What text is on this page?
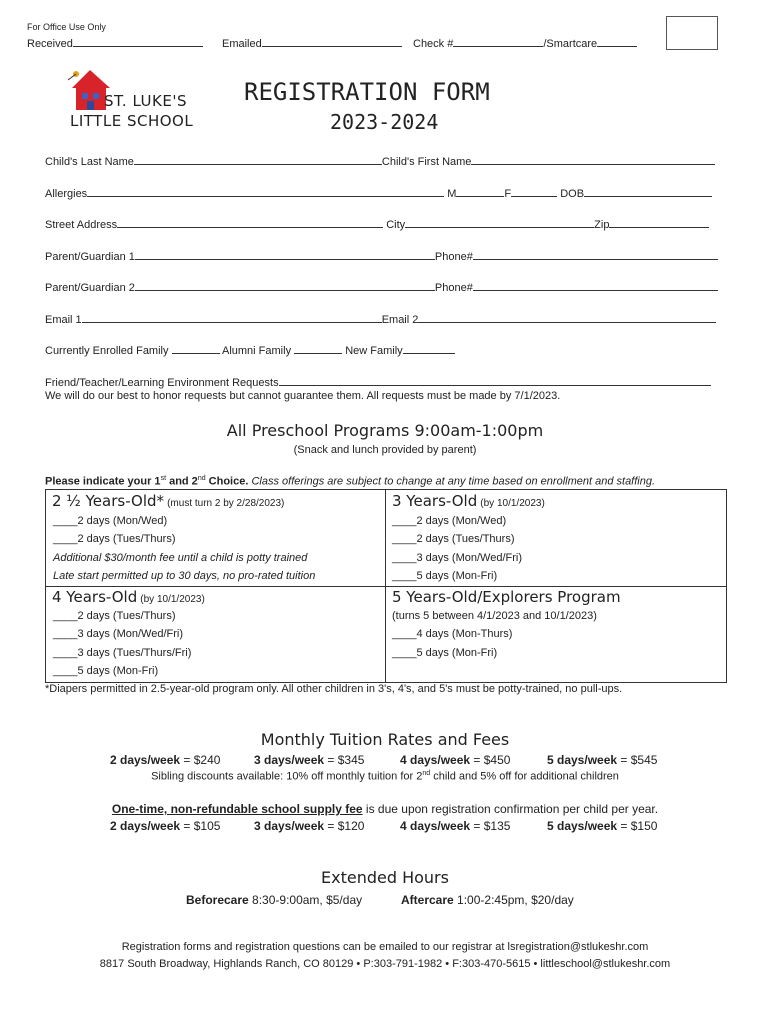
For Office Use Only
Received	Emailed	Check #	/Smartcare
ST. LUKE'S
LITTLE SCHOOL
REGISTRATION FORM
2023-2024
Child's Last Name	Child's First Name
Allergies	M	F	DOB
Street Address	City	Zip
Parent/Guardian 1	Phone#
Parent/Guardian 2	Phone#
Email 1	Email 2
Currently Enrolled Family	Alumni Family	New Family
Friend/Teacher/Learning Environment Requests
We will do our best to honor requests but cannot guarantee them. All requests must be made by 7/1/2023.
All Preschool Programs 9:00am-1:00pm
(Snack and lunch provided by parent)
Please indicate your 1st and 2nd Choice. Class offerings are subject to change at any time based on enrollment and staffing.
2 ½ Years-Old* (must turn 2 by 2/28/2023)
____2 days (Mon/Wed)
____2 days (Tues/Thurs)
Additional $30/month fee until a child is potty trained
Late start permitted up to 30 days, no pro-rated tuition
3 Years-Old (by 10/1/2023)
____2 days (Mon/Wed)
____2 days (Tues/Thurs)
____3 days (Mon/Wed/Fri)
____5 days (Mon-Fri)
4 Years-Old (by 10/1/2023)
____2 days (Tues/Thurs)
____3 days (Mon/Wed/Fri)
____3 days (Tues/Thurs/Fri)
____5 days (Mon-Fri)
5 Years-Old/Explorers Program
(turns 5 between 4/1/2023 and 10/1/2023)
____4 days (Mon-Thurs)
____5 days (Mon-Fri)
*Diapers permitted in 2.5-year-old program only. All other children in 3's, 4's, and 5's must be potty-trained, no pull-ups.
Monthly Tuition Rates and Fees
2 days/week = $240	3 days/week = $345	4 days/week = $450	5 days/week = $545
Sibling discounts available: 10% off monthly tuition for 2nd child and 5% off for additional children
One-time, non-refundable school supply fee is due upon registration confirmation per child per year.
2 days/week = $105	3 days/week = $120	4 days/week = $135	5 days/week = $150
Extended Hours
Beforecare 8:30-9:00am, $5/day	Aftercare 1:00-2:45pm, $20/day
Registration forms and registration questions can be emailed to our registrar at lsregistration@stlukeshr.com
8817 South Broadway, Highlands Ranch, CO 80129 • P:303-791-1982 • F:303-470-5615 • littleschool@stlukeshr.com
